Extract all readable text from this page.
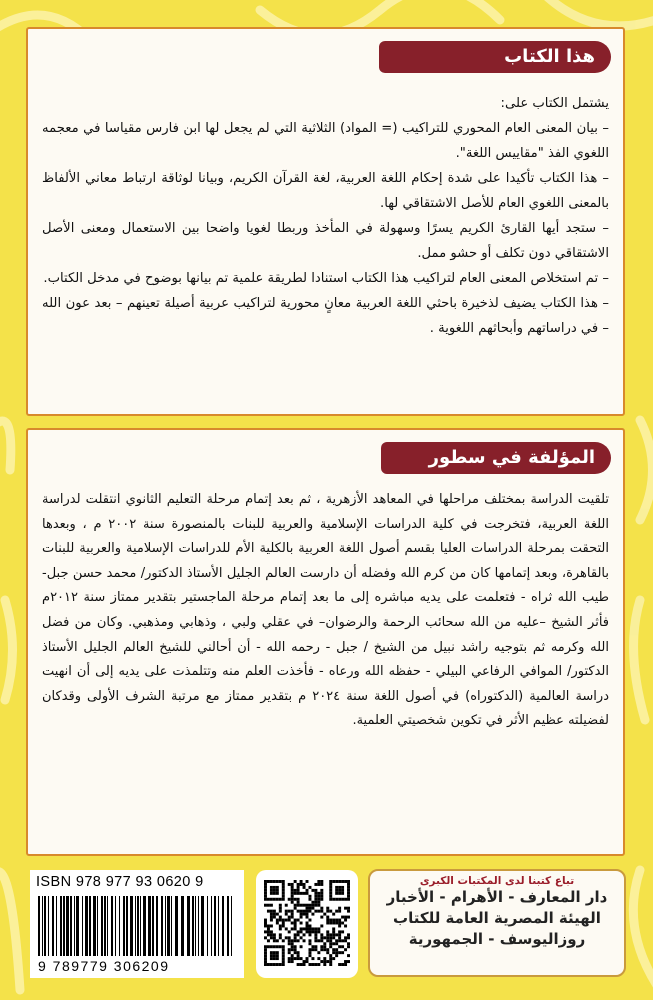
هذا الكتاب

يشتمل الكتاب على:

– بيان المعنى العام المحوري للتراكيب (= المواد) الثلاثية التي لم يجعل لها ابن فارس مقياسا في معجمه اللغوي الفذ "مقاييس اللغة".

– هذا الكتاب تأكيدا على شدة إحكام اللغة العربية، لغة القرآن الكريم، وبيانا لوثاقة ارتباط معاني الألفاظ بالمعنى اللغوي العام للأصل الاشتقاقي لها.

– ستجد أيها القارئ الكريم يسرًا وسهولة في المأخذ وربطا لغويا واضحا بين الاستعمال ومعنى الأصل الاشتقاقي دون تكلف أو حشو ممل.

– تم استخلاص المعنى العام لتراكيب هذا الكتاب استنادا لطريقة علمية تم بيانها بوضوح في مدخل الكتاب.

– هذا الكتاب يضيف لذخيرة باحثي اللغة العربية معانٍ محورية لتراكيب عربية أصيلة تعينهم – بعد عون الله – في دراساتهم وأبحاثهم اللغوية .

المؤلفة في سطور

تلقيت الدراسة بمختلف مراحلها في المعاهد الأزهرية ، ثم بعد إتمام مرحلة التعليم الثانوي انتقلت لدراسة اللغة العربية، فتخرجت في كلية الدراسات الإسلامية والعربية للبنات بالمنصورة سنة ٢٠٠٢ م ، وبعدها التحقت بمرحلة الدراسات العليا بقسم أصول اللغة العربية بالكلية الأم للدراسات الإسلامية والعربية للبنات بالقاهرة، وبعد إتمامها كان من كرم الله وفضله أن دارست العالم الجليل الأستاذ الدكتور/ محمد حسن جبل- طيب الله ثراه - فتعلمت على يديه مباشره إلى ما بعد إتمام مرحلة الماجستير بتقدير ممتاز سنة ٢٠١٢م فأثر الشيخ –عليه من الله سحائب الرحمة والرضوان– في عقلي ولبي ، وذهابي ومذهبي. وكان من فضل الله وكرمه ثم بتوجيه راشد نبيل من الشيخ / جبل - رحمه الله - أن أحالني للشيخ العالم الجليل الأستاذ الدكتور/ الموافي الرفاعي البيلي - حفظه الله ورعاه - فأخذت العلم منه وتتلمذت على يديه إلى أن انهيت دراسة العالمية (الدكتوراه) في أصول اللغة سنة ٢٠٢٤ م بتقدير ممتاز مع مرتبة الشرف الأولى وقدكان لفضيلته عظيم الأثر في تكوين شخصيتي العلمية.

ISBN 978 977 93 0620 9
9 789779 306209
تباع كتبنا لدى المكتبات الكبرى
دار المعارف - الأهرام - الأخبار
الهيئة المصرية العامة للكتاب
روزاليوسف - الجمهورية
